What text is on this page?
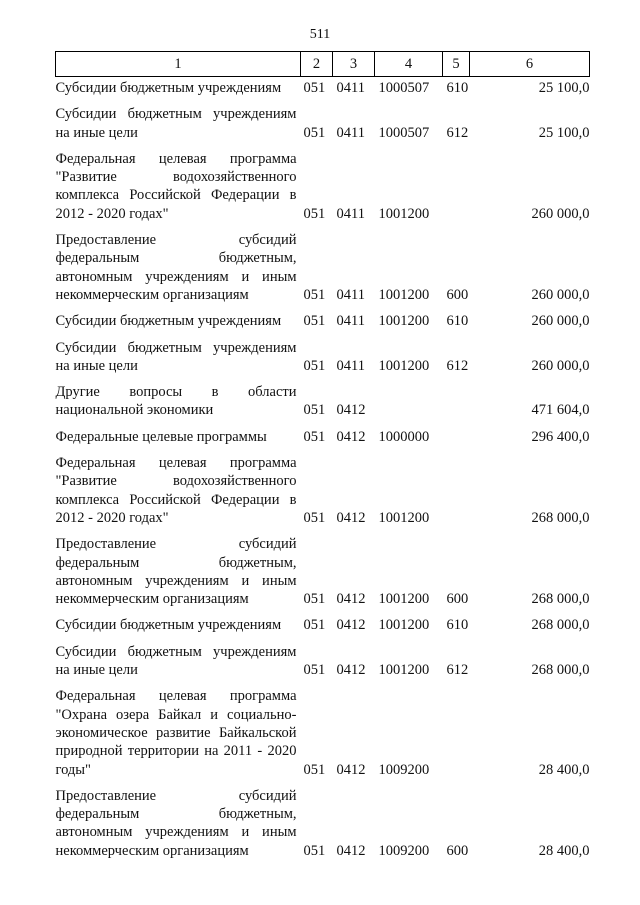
511
1	2	3	4	5	6
Субсидии бюджетным учреждениям	051	0411	1000507	610	25 100,0
Субсидии бюджетным учреждениям на иные цели	051	0411	1000507	612	25 100,0
Федеральная целевая программа "Развитие водохозяйственного комплекса Российской Федерации в 2012 - 2020 годах"	051	0411	1001200		260 000,0
Предоставление субсидий федеральным бюджетным, автономным учреждениям и иным некоммерческим организациям	051	0411	1001200	600	260 000,0
Субсидии бюджетным учреждениям	051	0411	1001200	610	260 000,0
Субсидии бюджетным учреждениям на иные цели	051	0411	1001200	612	260 000,0
Другие вопросы в области национальной экономики	051	0412			471 604,0
Федеральные целевые программы	051	0412	1000000		296 400,0
Федеральная целевая программа "Развитие водохозяйственного комплекса Российской Федерации в 2012 - 2020 годах"	051	0412	1001200		268 000,0
Предоставление субсидий федеральным бюджетным, автономным учреждениям и иным некоммерческим организациям	051	0412	1001200	600	268 000,0
Субсидии бюджетным учреждениям	051	0412	1001200	610	268 000,0
Субсидии бюджетным учреждениям на иные цели	051	0412	1001200	612	268 000,0
Федеральная целевая программа "Охрана озера Байкал и социально-экономическое развитие Байкальской природной территории на 2011 - 2020 годы"	051	0412	1009200		28 400,0
Предоставление субсидий федеральным бюджетным, автономным учреждениям и иным некоммерческим организациям	051	0412	1009200	600	28 400,0
